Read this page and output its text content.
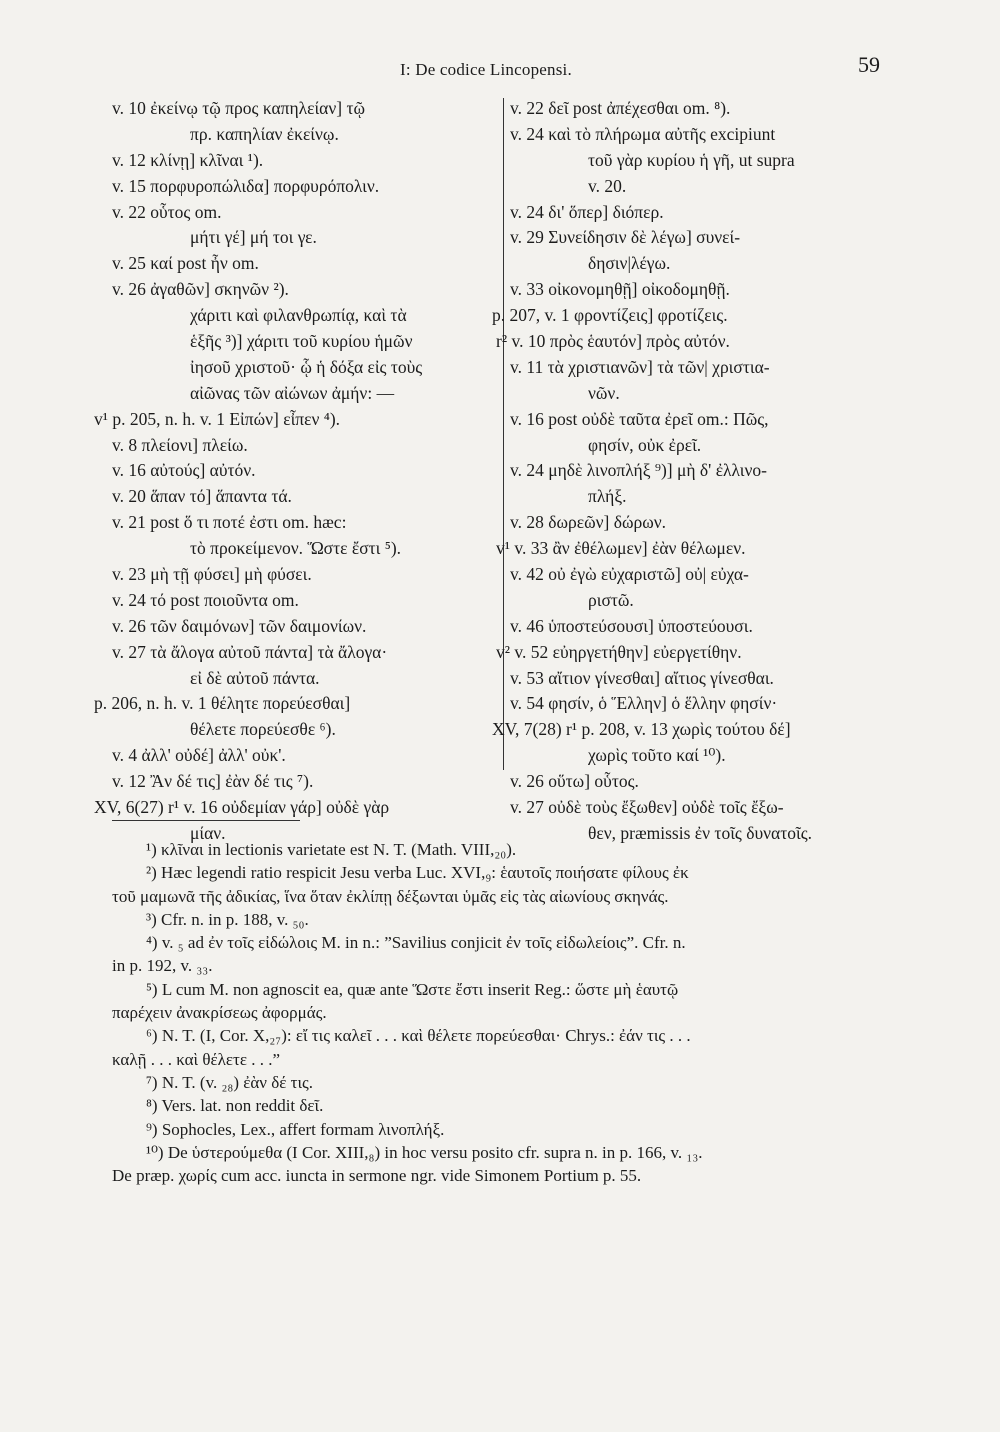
I: De codice Lincopensi.	59
v. 10 ἐκείνῳ τῷ προς καπηλείαν] τῷ
πρ. καπηλίαν ἐκείνῳ.
v. 12 κλίνῃ] κλῖναι ¹).
v. 15 πορφυροπώλιδα] πορφυρόπολιν.
v. 22 οὗτος om.
μήτι γέ] μή τοι γε.
v. 25 καί post ἦν om.
v. 26 ἀγαθῶν] σκηνῶν ²).
χάριτι καὶ φιλανθρωπίᾳ, καὶ τὰ
ἑξῆς ³)] χάριτι τοῦ κυρίου ἡμῶν
ἰησοῦ χριστοῦ· ᾧ ἡ δόξα εἰς τοὺς
αἰῶνας τῶν αἰώνων ἀμήν: —
v¹ p. 205, n. h. v. 1 Εἰπών] εἶπεν ⁴).
v. 8 πλείονι] πλείω.
v. 16 αὐτούς] αὐτόν.
v. 20 ἅπαν τό] ἅπαντα τά.
v. 21 post ὅ τι ποτέ ἐστι om. hæc:
τὸ προκείμενον. Ὥστε ἔστι ⁵).
v. 23 μὴ τῇ φύσει] μὴ φύσει.
v. 24 τό post ποιοῦντα om.
v. 26 τῶν δαιμόνων] τῶν δαιμονίων.
v. 27 τὰ ἄλογα αὐτοῦ πάντα] τὰ ἄλογα·
εἰ δὲ αὐτοῦ πάντα.
p. 206, n. h. v. 1 θέλητε πορεύεσθαι]
θέλετε πορεύεσθε ⁶).
v. 4 ἀλλ' οὐδέ] ἀλλ' οὐκ'.
v. 12 Ἂν δέ τις] ἐὰν δέ τις ⁷).
XV, 6(27) r¹ v. 16 οὐδεμίαν γάρ] οὐδὲ γὰρ
μίαν.
v. 22 δεῖ post ἀπέχεσθαι om. ⁸).
v. 24 καὶ τὸ πλήρωμα αὐτῆς excipiunt
τοῦ γὰρ κυρίου ἡ γῆ, ut supra
v. 20.
v. 24 δι' ὅπερ] διόπερ.
v. 29 Συνείδησιν δὲ λέγω] συνεί-
δησιν|λέγω.
v. 33 οἰκονομηθῇ] οἰκοδομηθῇ.
p. 207, v. 1 φροντίζεις] φροτίζεις.
r² v. 10 πρὸς ἑαυτόν] πρὸς αὐτόν.
v. 11 τὰ χριστιανῶν] τὰ τῶν| χριστια-
νῶν.
v. 16 post οὐδὲ ταῦτα ἐρεῖ om.: Πῶς,
φησίν, οὐκ ἐρεῖ.
v. 24 μηδὲ λινοπλήξ ⁹)] μὴ δ' ἐλλινο-
πλήξ.
v. 28 δωρεῶν] δώρων.
v¹ v. 33 ἂν ἐθέλωμεν] ἐὰν θέλωμεν.
v. 42 οὐ ἐγὼ εὐχαριστῶ] οὐ| εὐχα-
ριστῶ.
v. 46 ὑποστεύσουσι] ὑποστεύουσι.
v² v. 52 εὐηργετήθην] εὐεργετίθην.
v. 53 αἴτιον γίνεσθαι] αἴτιος γίνεσθαι.
v. 54 φησίν, ὁ Ἕλλην] ὁ ἕλλην φησίν·
XV, 7(28) r¹ p. 208, v. 13 χωρὶς τούτου δέ]
χωρὶς τοῦτο καί ¹⁰).
v. 26 οὕτω] οὗτος.
v. 27 οὐδὲ τοὺς ἔξωθεν] οὐδὲ τοῖς ἔξω-
θεν, præmissis ἐν τοῖς δυνατοῖς.
¹) κλῖναι in lectionis varietate est N. T. (Math. VIII,₂₀).
²) Hæc legendi ratio respicit Jesu verba Luc. XVI,₉: ἑαυτοῖς ποιήσατε φίλους ἐκ
τοῦ μαμωνᾶ τῆς ἀδικίας, ἵνα ὅταν ἐκλίπῃ δέξωνται ὑμᾶς εἰς τὰς αἰωνίους σκηνάς.
³) Cfr. n. in p. 188, v. ₅₀.
⁴) v. ₅ ad ἐν τοῖς εἰδώλοις M. in n.: ”Savilius conjicit ἐν τοῖς εἰδωλείοις”. Cfr. n.
in p. 192, v. ₃₃.
⁵) L cum M. non agnoscit ea, quæ ante Ὥστε ἔστι inserit Reg.: ὥστε μὴ ἑαυτῷ
παρέχειν ἀνακρίσεως ἀφορμάς.
⁶) N. T. (I, Cor. X,₂₇): εἴ τις καλεῖ . . . καὶ θέλετε πορεύεσθαι· Chrys.: ἐάν τις . . .
καλῇ . . . καὶ θέλετε . . .”
⁷) N. T. (v. ₂₈) ἐὰν δέ τις.
⁸) Vers. lat. non reddit δεῖ.
⁹) Sophocles, Lex., affert formam λινοπλήξ.
¹⁰) De ὑστερούμεθα (I Cor. XIII,₈) in hoc versu posito cfr. supra n. in p. 166, v. ₁₃.
De præp. χωρίς cum acc. iuncta in sermone ngr. vide Simonem Portium p. 55.
